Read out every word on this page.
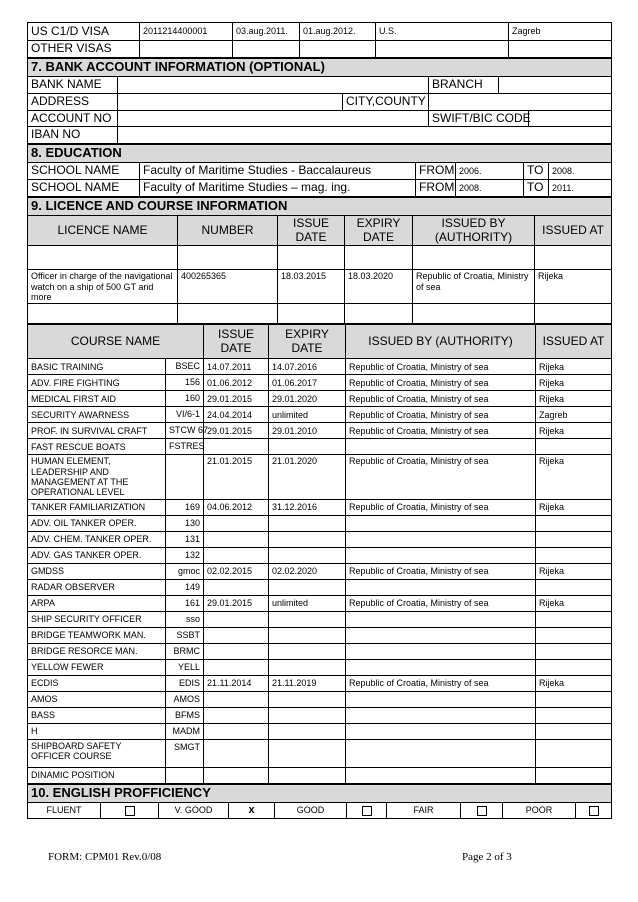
US C1/D VISA	2011214400001	03.aug.2011.	01.aug.2012.	U.S.	Zagreb
OTHER VISAS					
7. BANK ACCOUNT INFORMATION (OPTIONAL)					
BANK NAME			BRANCH		
ADDRESS		CITY,COUNTY			
ACCOUNT NO			SWIFT/BIC CODE		
IBAN NO					
8. EDUCATION					
SCHOOL NAME	Faculty of Maritime Studies - Baccalaureus	FROM	2006.	TO	2008.
SCHOOL NAME	Faculty of Maritime Studies – mag. ing.	FROM	2008.	TO	2011.
9. LICENCE AND COURSE INFORMATION					
LICENCE NAME	NUMBER	ISSUE DATE	EXPIRY DATE	ISSUED BY (AUTHORITY)	ISSUED AT

Officer in charge of the navigational watch on a ship of 500 GT and more	400265365	18.03.2015	18.03.2020	Republic of Croatia, Ministry of sea	Rijeka

COURSE NAME		ISSUE DATE	EXPIRY DATE	ISSUED BY (AUTHORITY)	ISSUED AT
BASIC TRAINING	BSEC	14.07.2011	14.07.2016	Republic of Croatia, Ministry of sea	Rijeka
ADV. FIRE FIGHTING	156	01.06.2012	01.06.2017	Republic of Croatia, Ministry of sea	Rijeka
MEDICAL FIRST AID	160	29.01.2015	29.01.2020	Republic of Croatia, Ministry of sea	Rijeka
SECURITY AWARNESS	VI/6-1	24.04.2014	unlimited	Republic of Croatia, Ministry of sea	Zagreb
PROF. IN SURVIVAL CRAFT	STCW 67	29.01.2015	29.01.2010	Republic of Croatia, Ministry of sea	Rijeka
FAST RESCUE BOATS	FSTRES				
HUMAN ELEMENT, LEADERSHIP AND MANAGEMENT AT THE OPERATIONAL LEVEL		21.01.2015	21.01.2020	Republic of Croatia, Ministry of sea	Rijeka
TANKER FAMILIARIZATION	169	04.06.2012	31.12.2016	Republic of Croatia, Ministry of sea	Rijeka
ADV. OIL TANKER OPER.	130				
ADV. CHEM. TANKER OPER.	131				
ADV. GAS TANKER OPER.	132				
GMDSS	gmoc	02.02.2015	02.02.2020	Republic of Croatia, Ministry of sea	Rijeka
RADAR OBSERVER	149				
ARPA	161	29.01.2015	unlimited	Republic of Croatia, Ministry of sea	Rijeka
SHIP SECURITY OFFICER	sso				
BRIDGE TEAMWORK MAN.	SSBT				
BRIDGE RESORCE MAN.	BRMC				
YELLOW FEWER	YELL				
ECDIS	EDIS	21.11.2014	21.11.2019	Republic of Croatia, Ministry of sea	Rijeka
AMOS	AMOS				
BASS	BFMS				
H	MADM				
SHIPBOARD SAFETY OFFICER COURSE	SMGT				
DINAMIC POSITION					
10. ENGLISH PROFFICIENCY
FLUENT		V. GOOD	x	GOOD		FAIR		POOR	
FORM: CPM01 Rev.0/08	Page 2 of 3
